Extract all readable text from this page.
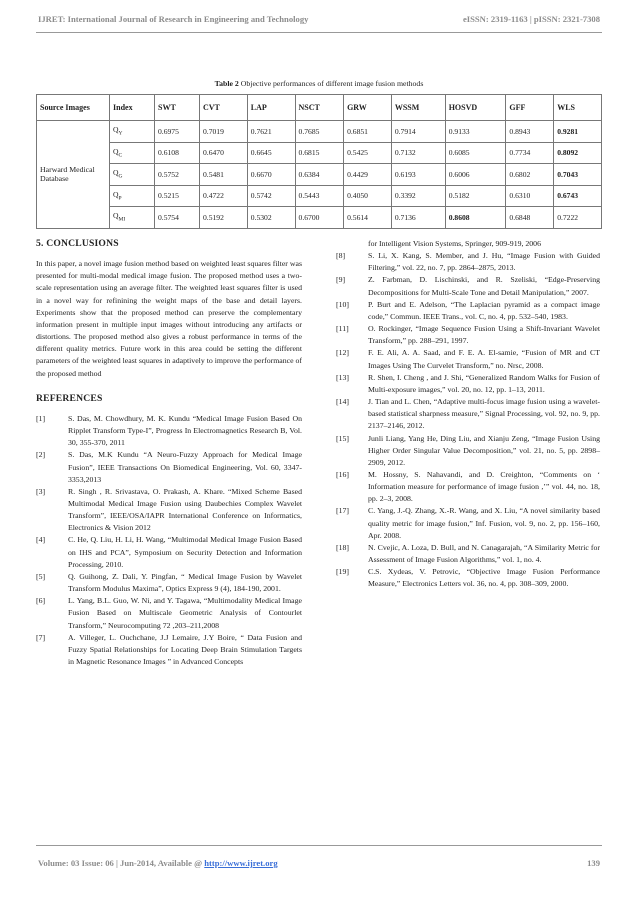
IJRET: International Journal of Research in Engineering and Technology	eISSN: 2319-1163 | pISSN: 2321-7308
Table 2 Objective performances of different image fusion methods
Source Images	Index	SWT	CVT	LAP	NSCT	GRW	WSSM	HOSVD	GFF	WLS
Harward Medical Database	$Q_Y$	0.6975	0.7019	0.7621	0.7685	0.6851	0.7914	0.9133	0.8943	0.9281
	$Q_C$	0.6108	0.6470	0.6645	0.6815	0.5425	0.7132	0.6085	0.7734	0.8092
	$Q_G$	0.5752	0.5481	0.6670	0.6384	0.4429	0.6193	0.6006	0.6802	0.7043
	$Q_P$	0.5215	0.4722	0.5742	0.5443	0.4050	0.3392	0.5182	0.6310	0.6743
	$Q_{MI}$	0.5754	0.5192	0.5302	0.6700	0.5614	0.7136	0.8608	0.6848	0.7222
5. CONCLUSIONS

In this paper, a novel image fusion method based on weighted least squares filter was presented for multi-modal medical image fusion. The proposed method uses a two-scale representation using an average filter. The weighted least squares filter is used in a novel way for refinining the weight maps of the base and detail layers. Experiments show that the proposed method can preserve the complementary information present in multiple input images without introducing any artifacts or distortions. The proposed method also gives a robust performance in terms of the different quality metrics. Future work in this area could be setting the different parameters of the weighted least squares in adaptively to improve the performance of the proposed method

REFERENCES
[1]	S. Das, M. Chowdhury, M. K. Kundu “Medical Image Fusion Based On Ripplet Transform Type-I”, Progress In Electromagnetics Research B, Vol. 30, 355-370, 2011
[2]	S. Das, M.K Kundu “A Neuro-Fuzzy Approach for Medical Image Fusion”, IEEE Transactions On Biomedical Engineering, Vol. 60, 3347-3353,2013
[3]	R. Singh , R. Srivastava, O. Prakash, A. Khare. “Mixed Scheme Based Multimodal Medical Image Fusion using Daubechies Complex Wavelet Transform”, IEEE/OSA/IAPR International Conference on Informatics, Electronics & Vision 2012
[4]	C. He, Q. Liu, H. Li, H. Wang, “Multimodal Medical Image Fusion Based on IHS and PCA”, Symposium on Security Detection and Information Processing, 2010.
[5]	Q. Guihong, Z. Dali, Y. Pingfan, “ Medical Image Fusion by Wavelet Transform Modulus Maxima”, Optics Express 9 (4), 184-190, 2001.
[6]	L. Yang, B.L. Guo, W. Ni, and Y. Tagawa, “Multimodality Medical Image Fusion Based on Multiscale Geometric Analysis of Contourlet Transform,” Neurocomputing 72 ,203–211,2008
[7]	A. Villeger, L. Ouchchane, J.J Lemaire, J.Y Boire, “ Data Fusion and Fuzzy Spatial Relationships for Locating Deep Brain Stimulation Targets in Magnetic Resonance Images ” in Advanced Concepts
for Intelligent Vision Systems, Springer, 909-919, 2006
[8]	S. Li, X. Kang, S. Member, and J. Hu, “Image Fusion with Guided Filtering,” vol. 22, no. 7, pp. 2864–2875, 2013.
[9]	Z. Farbman, D. Lischinski, and R. Szeliski, “Edge-Preserving Decompositions for Multi-Scale Tone and Detail Manipulation,” 2007.
[10] P. Burt and E. Adelson, “The Laplacian pyramid as a compact image code,” Commun. IEEE Trans., vol. C, no. 4, pp. 532–540, 1983.
[11] O. Rockinger, “Image Sequence Fusion Using a Shift-Invariant Wavelet Transform,” pp. 288–291, 1997.
[12] F. E. Ali, A. A. Saad, and F. E. A. El-samie, “Fusion of MR and CT Images Using The Curvelet Transform,” no. Nrsc, 2008.
[13] R. Shen, I. Cheng , and J. Shi, “Generalized Random Walks for Fusion of Multi-exposure images,” vol. 20, no. 12, pp. 1–13, 2011.
[14] J. Tian and L. Chen, “Adaptive multi-focus image fusion using a wavelet-based statistical sharpness measure,” Signal Processing, vol. 92, no. 9, pp. 2137–2146, 2012.
[15] Junli Liang, Yang He, Ding Liu, and Xianju Zeng, “Image Fusion Using Higher Order Singular Value Decomposition,” vol. 21, no. 5, pp. 2898–2909, 2012.
[16] M. Hossny, S. Nahavandi, and D. Creighton, “Comments on ‘ Information measure for performance of image fusion ,’” vol. 44, no. 18, pp. 2–3, 2008.
[17] C. Yang, J.-Q. Zhang, X.-R. Wang, and X. Liu, “A novel similarity based quality metric for image fusion,” Inf. Fusion, vol. 9, no. 2, pp. 156–160, Apr. 2008.
[18] N. Cvejic, A. Loza, D. Bull, and N. Canagarajah, “A Similarity Metric for Assessment of Image Fusion Algorithms,” vol. 1, no. 4.
[19] C.S. Xydeas, V. Petrovic, “Objective Image Fusion Performance Measure,” Electronics Letters vol. 36, no. 4, pp. 308–309, 2000.
Volume: 03 Issue: 06 | Jun-2014, Available @ http://www.ijret.org	139
